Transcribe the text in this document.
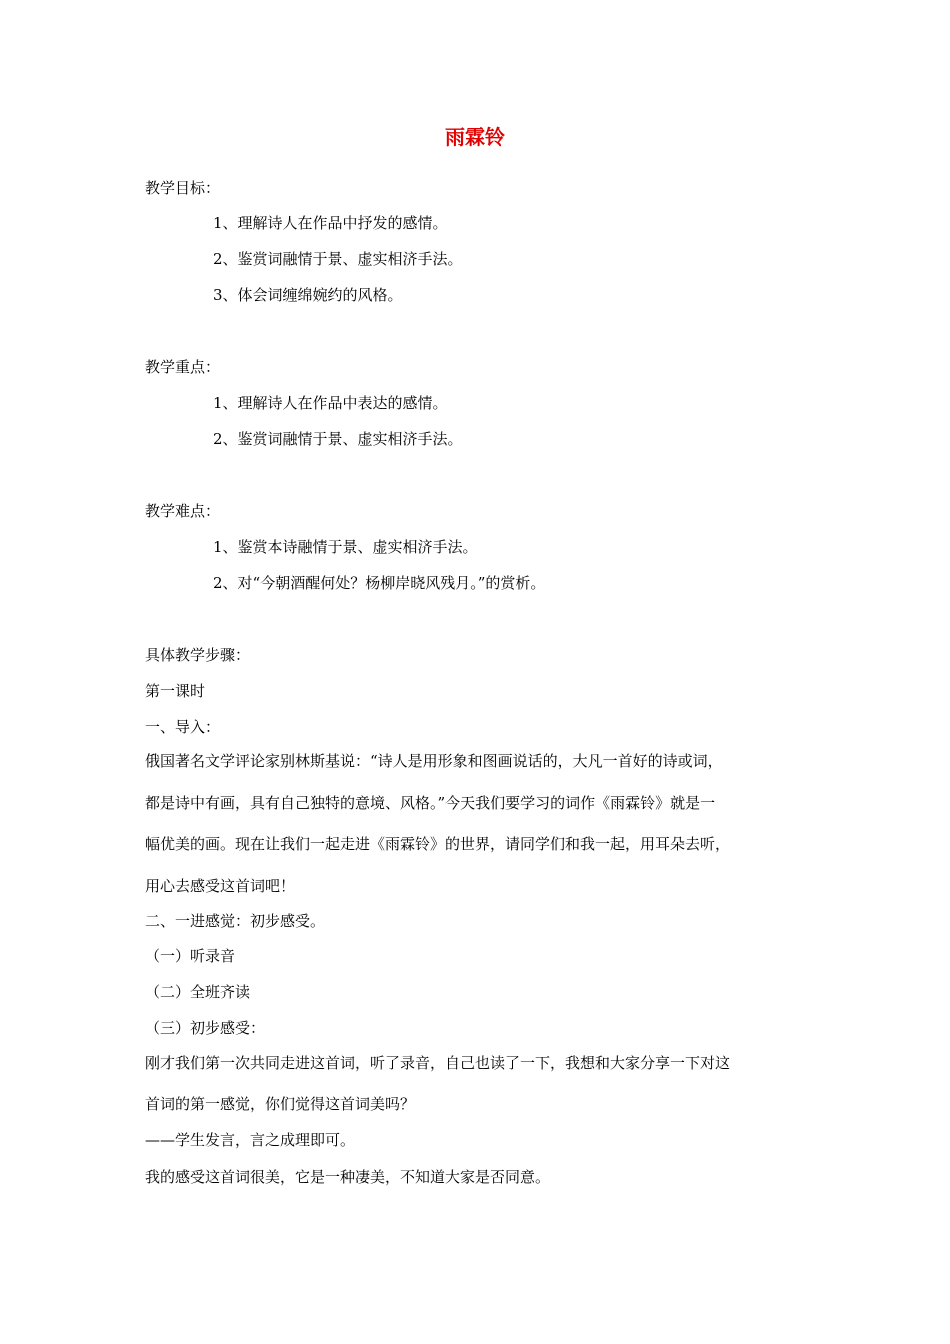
雨霖铃
教学目标：
1、理解诗人在作品中抒发的感情。
2、鉴赏词融情于景、虚实相济手法。
3、体会词缠绵婉约的风格。
教学重点：
1、理解诗人在作品中表达的感情。
2、鉴赏词融情于景、虚实相济手法。
教学难点：
1、鉴赏本诗融情于景、虚实相济手法。
2、对“今朝酒醒何处？杨柳岸晓风残月。”的赏析。
具体教学步骤：
第一课时
一、导入：
俄国著名文学评论家别林斯基说：“诗人是用形象和图画说话的，大凡一首好的诗或词，
都是诗中有画，具有自己独特的意境、风格。”今天我们要学习的词作《雨霖铃》就是一
幅优美的画。现在让我们一起走进《雨霖铃》的世界，请同学们和我一起，用耳朵去听，
用心去感受这首词吧！
二、一进感觉：初步感受。
（一）听录音
（二）全班齐读
（三）初步感受：
刚才我们第一次共同走进这首词，听了录音，自己也读了一下，我想和大家分享一下对这
首词的第一感觉，你们觉得这首词美吗？
——学生发言，言之成理即可。
我的感受这首词很美，它是一种凄美，不知道大家是否同意。
